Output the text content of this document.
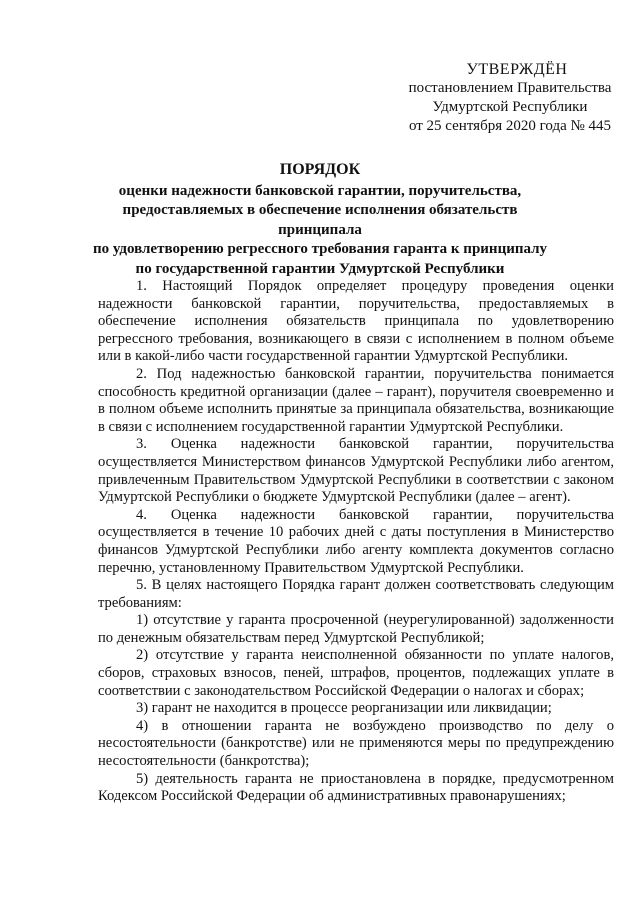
УТВЕРЖДЁН
постановлением Правительства
Удмуртской Республики
от 25 сентября 2020 года № 445
ПОРЯДОК
оценки надежности банковской гарантии, поручительства,
предоставляемых в обеспечение исполнения обязательств принципала
по удовлетворению регрессного требования гаранта к принципалу
по государственной гарантии Удмуртской Республики

1. Настоящий Порядок определяет процедуру проведения оценки надежности банковской гарантии, поручительства, предоставляемых в обеспечение исполнения обязательств принципала по удовлетворению регрессного требования, возникающего в связи с исполнением в полном объеме или в какой-либо части государственной гарантии Удмуртской Республики.

2. Под надежностью банковской гарантии, поручительства понимается способность кредитной организации (далее – гарант), поручителя своевременно и в полном объеме исполнить принятые за принципала обязательства, возникающие в связи с исполнением государственной гарантии Удмуртской Республики.

3. Оценка надежности банковской гарантии, поручительства осуществляется Министерством финансов Удмуртской Республики либо агентом, привлеченным Правительством Удмуртской Республики в соответствии с законом Удмуртской Республики о бюджете Удмуртской Республики (далее – агент).

4. Оценка надежности банковской гарантии, поручительства осуществляется в течение 10 рабочих дней с даты поступления в Министерство финансов Удмуртской Республики либо агенту комплекта документов согласно перечню, установленному Правительством Удмуртской Республики.

5. В целях настоящего Порядка гарант должен соответствовать следующим требованиям:

1) отсутствие у гаранта просроченной (неурегулированной) задолженности по денежным обязательствам перед Удмуртской Республикой;

2) отсутствие у гаранта неисполненной обязанности по уплате налогов, сборов, страховых взносов, пеней, штрафов, процентов, подлежащих уплате в соответствии с законодательством Российской Федерации о налогах и сборах;

3) гарант не находится в процессе реорганизации или ликвидации;

4) в отношении гаранта не возбуждено производство по делу о несостоятельности (банкротстве) или не применяются меры по предупреждению несостоятельности (банкротства);

5) деятельность гаранта не приостановлена в порядке, предусмотренном Кодексом Российской Федерации об административных правонарушениях;
